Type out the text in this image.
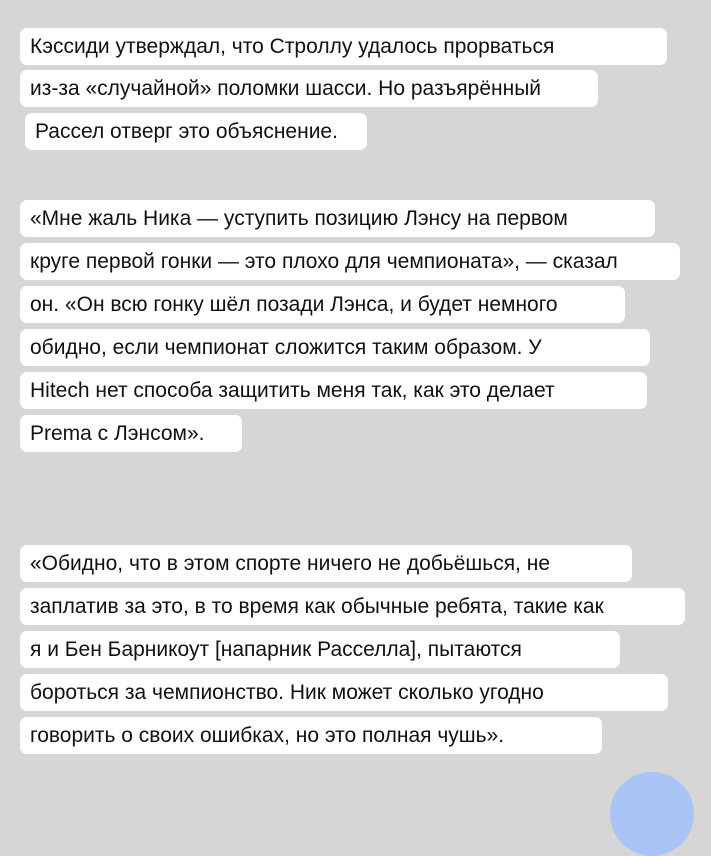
Кэссиди утверждал, что Строллу удалось прорваться
из-за «случайной» поломки шасси. Но разъярённый
Рассел отверг это объяснение.
«Мне жаль Ника — уступить позицию Лэнсу на первом
круге первой гонки — это плохо для чемпионата», — сказал
он. «Он всю гонку шёл позади Лэнса, и будет немного
обидно, если чемпионат сложится таким образом. У
Hitech нет способа защитить меня так, как это делает
Prema с Лэнсом».
«Обидно, что в этом спорте ничего не добьёшься, не
заплатив за это, в то время как обычные ребята, такие как
я и Бен Барникоут [напарник Расселла], пытаются
бороться за чемпионство. Ник может сколько угодно
говорить о своих ошибках, но это полная чушь».
